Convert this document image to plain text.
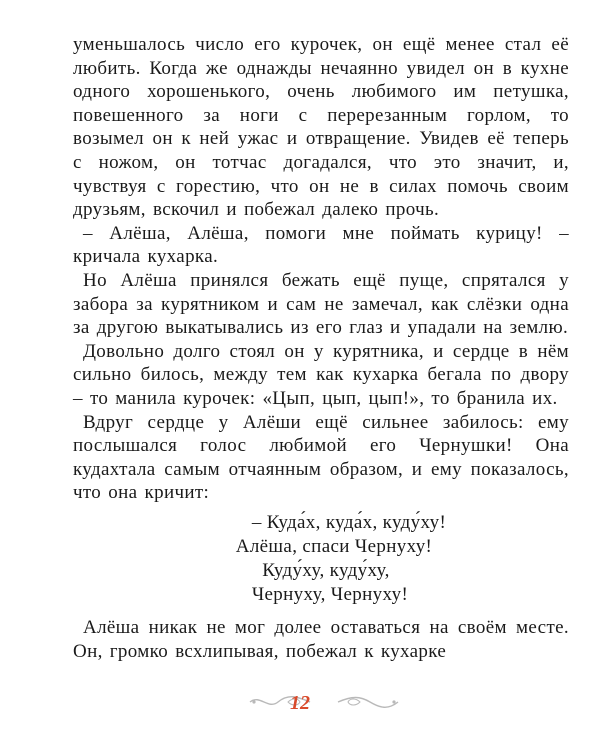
уменьшалось число его курочек, он ещё менее стал её любить. Когда же однажды нечаянно увидел он в кухне одного хорошенького, очень любимого им петушка, повешенного за ноги с перерезанным горлом, то возымел он к ней ужас и отвращение. Увидев её теперь с ножом, он тотчас догадался, что это значит, и, чувствуя с горестию, что он не в силах помочь своим друзьям, вскочил и побежал далеко прочь.

– Алёша, Алёша, помоги мне поймать курицу! – кричала кухарка.

Но Алёша принялся бежать ещё пуще, спрятался у забора за курятником и сам не замечал, как слёзки одна за другою выкатывались из его глаз и упадали на землю.

Довольно долго стоял он у курятника, и сердце в нём сильно билось, между тем как кухарка бегала по двору – то манила курочек: «Цып, цып, цып!», то бранила их.

Вдруг сердце у Алёши ещё сильнее забилось: ему послышался голос любимой его Чернушки! Она кудахтала самым отчаянным образом, и ему показалось, что она кричит:

– Куда́х, куда́х, куду́ху!

Алёша, спаси Чернуху!

Куду́ху, куду́ху,

Чернуху, Чернуху!

Алёша никак не мог долее оставаться на своём месте. Он, громко всхлипывая, побежал к кухарке

12
